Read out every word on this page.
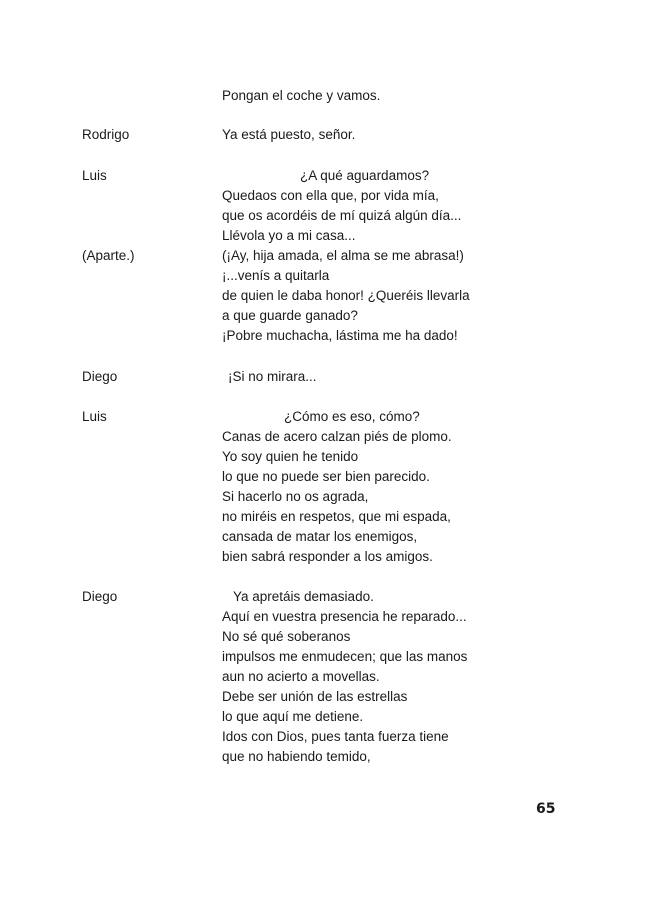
Pongan el coche y vamos.
Rodrigo	Ya está puesto, señor.
Luis	¿A qué aguardamos?
Quedaos con ella que, por vida mía,
que os acordéis de mí quizá algún día...
Llévola yo a mi casa...
(Aparte.)	(¡Ay, hija amada, el alma se me abrasa!)
¡...venís a quitarla
de quien le daba honor! ¿Queréis llevarla
a que guarde ganado?
¡Pobre muchacha, lástima me ha dado!
Diego	¡Si no mirara...
Luis	¿Cómo es eso, cómo?
Canas de acero calzan piés de plomo.
Yo soy quien he tenido
lo que no puede ser bien parecido.
Si hacerlo no os agrada,
no miréis en respetos, que mi espada,
cansada de matar los enemigos,
bien sabrá responder a los amigos.
Diego	Ya apretáis demasiado.
Aquí en vuestra presencia he reparado...
No sé qué soberanos
impulsos me enmudecen; que las manos
aun no acierto a movellas.
Debe ser unión de las estrellas
lo que aquí me detiene.
Idos con Dios, pues tanta fuerza tiene
que no habiendo temido,
65
